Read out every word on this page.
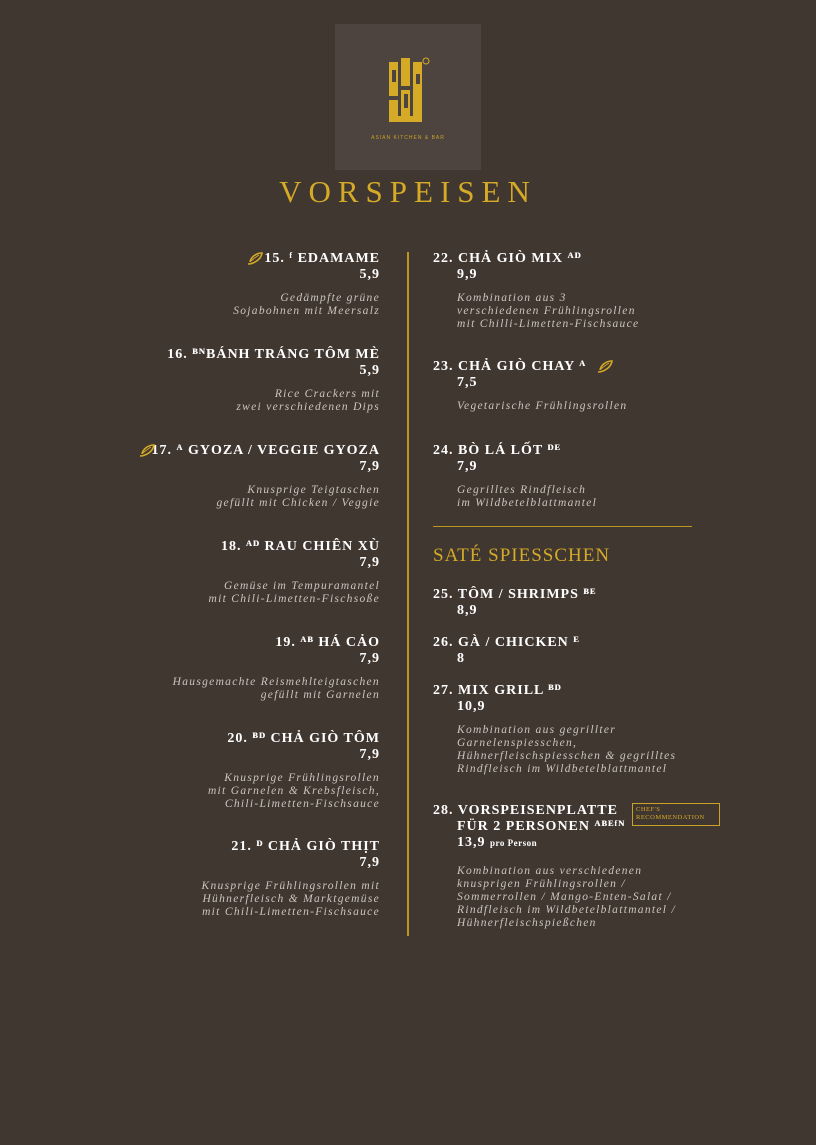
ASIAN KITCHEN & BAR
VORSPEISEN
15. ᶠ EDAMAME
5,9
Gedämpfte grüne
Sojabohnen mit Meersalz
16. ᴮᴺBÁNH TRÁNG TÔM MÈ
5,9
Rice Crackers mit
zwei verschiedenen Dips
17. ᴬ GYOZA / VEGGIE GYOZA
7,9
Knusprige Teigtaschen
gefüllt mit Chicken / Veggie
18. ᴬᴰ RAU CHIÊN XÙ
7,9
Gemüse im Tempuramantel
mit Chili-Limetten-Fischsoße
19. ᴬᴮ HÁ CẢO
7,9
Hausgemachte Reismehlteigtaschen
gefüllt mit Garnelen
20. ᴮᴰ CHẢ GIÒ TÔM
7,9
Knusprige Frühlingsrollen
mit Garnelen & Krebsfleisch,
Chili-Limetten-Fischsauce
21. ᴰ CHẢ GIÒ THỊT
7,9
Knusprige Frühlingsrollen mit
Hühnerfleisch & Marktgemüse
mit Chili-Limetten-Fischsauce
22. CHẢ GIÒ MIX ᴬᴰ
9,9
Kombination aus 3
verschiedenen Frühlingsrollen
mit Chilli-Limetten-Fischsauce
23. CHẢ GIÒ CHAY ᴬ
7,5
Vegetarische Frühlingsrollen
24. BÒ LÁ LỐT ᴰᴱ
7,9
Gegrilltes Rindfleisch
im Wildbetelblattmantel
SATÉ SPIESSCHEN
25. TÔM / SHRIMPS ᴮᴱ
8,9
26. GÀ / CHICKEN ᴱ
8
27. MIX GRILL ᴮᴰ
10,9
Kombination aus gegrillter
Garnelenspiesschen,
Hühnerfleischspiesschen & gegrilltes
Rindfleisch im Wildbetelblattmantel
28. VORSPEISENPLATTE
FÜR 2 PERSONEN ᴬᴮᴱᶠᴺ
13,9 pro Person
Kombination aus verschiedenen
knusprigen Frühlingsrollen /
Sommerrollen / Mango-Enten-Salat /
Rindfleisch im Wildbetelblattmantel /
Hühnerfleischspießchen
CHEF'S
RECOMMENDATION
